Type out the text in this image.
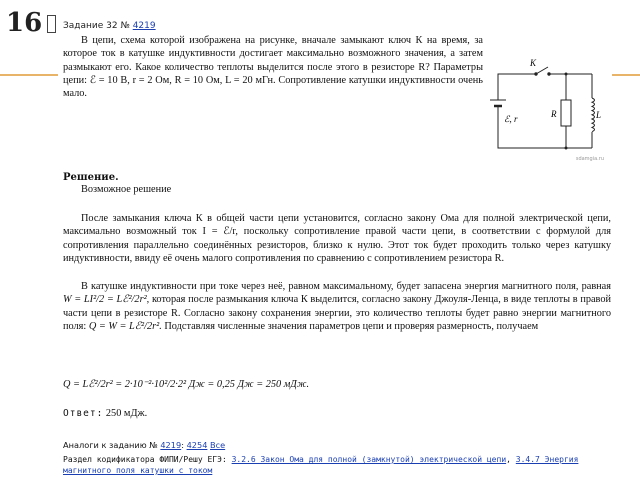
16 Задание 32 № 4219

В цепи, схема которой изображена на рисунке, вначале замыкают ключ К на время, за которое ток в катушке индуктивности достигает максимально возможного значения, а затем размыкают его. Какое количество теплоты выделится после этого в резисторе R? Параметры цепи: ℰ = 10 В, r = 2 Ом, R = 10 Ом, L = 20 мГн. Сопротивление катушки индуктивности очень мало.

K
R	L
ℰ, r
sdamgia.ru
Решение.
Возможное решение

После замыкания ключа К в общей части цепи установится, согласно закону Ома для полной электрической цепи, максимально возможный ток I = ℰ/r, поскольку сопротивление правой части цепи, в соответствии с формулой для сопротивления параллельно соединённых резисторов, близко к нулю. Этот ток будет проходить только через катушку индуктивности, ввиду её очень малого сопротивления по сравнению с сопротивлением резистора R.

В катушке индуктивности при токе через неё, равном максимальному, будет запасена энергия магнитного поля, равная W = LI²/2 = Lℰ²/2r², которая после размыкания ключа К выделится, согласно закону Джоуля-Ленца, в виде теплоты в правой части цепи в резисторе R. Согласно закону сохранения энергии, это количество теплоты будет равно энергии магнитного поля: Q = W = Lℰ²/2r². Подставляя численные значения параметров цепи и проверяя размерность, получаем

Q = Lℰ²/2r² = 2·10⁻²·10²/2·2² Дж = 0,25 Дж = 250 мДж.
Ответ: 250 мДж.
Аналоги к заданию № 4219: 4254 Все
Раздел кодификатора ФИПИ/Решу ЕГЭ: 3.2.6 Закон Ома для полной (замкнутой) электрической цепи, 3.4.7 Энергия магнитного поля катушки с током
